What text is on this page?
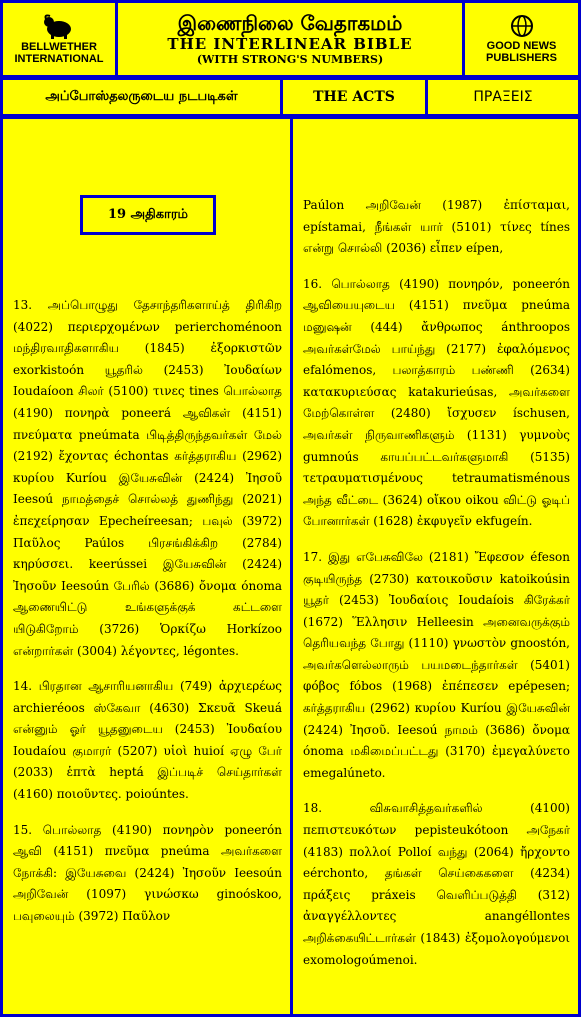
BELLWETHER
INTERNATIONAL
இணைநிலை வேதாகமம்
THE INTERLINEAR BIBLE
(WITH STRONG'S NUMBERS)
GOOD NEWS
PUBLISHERS
அப்போஸ்தலருடைய நடபடிகள்	THE ACTS	ΠΡΑΞΕΙΣ
19 அதிகாரம்

13. அப்பொழுது தேசாந்தரிகளாய்த் திரிகிற (4022) περιερχομένων perierchoménoon மந்திரவாதிகளாகிய (1845) ἐξορκιστῶν exorkistoón யூதரில் (2453) Ἰουδαίων Ioudaíoon சிலர் (5100) τινες tines பொல்லாத (4190) πονηρὰ poneerá ஆவிகள் (4151) πνεύματα pneúmata பிடித்திருந்தவர்கள் மேல் (2192) ἔχοντας échontas கர்த்தராகிய (2962) κυρίου Kuríou இயேசுவின் (2424) Ἰησοῦ Ieesoú நாமத்தைச் சொல்லத் துணிந்து (2021) ἐπεχείρησαν Epecheíreesan; பவுல் (3972) Παῦλος Paúlos பிரசங்கிக்கிற (2784) κηρύσσει. keerússei இயேசுவின் (2424) Ἰησοῦν Ieesoún பேரில் (3686) ὄνομα ónoma ஆணையிட்டு உங்களுக்குக் கட்டளை யிடுகிறோம் (3726) Ὁρκίζω Horkízoo என்றார்கள் (3004) λέγοντες, légontes.

14. பிரதான ஆசாரியனாகிய (749) ἀρχιερέως archieréoos ஸ்கேவா (4630) Σκευᾶ Skeuá என்னும் ஓர் யூதனுடைய (2453) Ἰουδαίου Ioudaíou குமாரர் (5207) υἱοὶ huioí ஏழு பேர் (2033) ἑπτὰ heptá இப்படிச் செய்தார்கள் (4160) ποιοῦντες. poioúntes.

15. பொல்லாத (4190) πονηρὸν poneerón ஆவி (4151) πνεῦμα pneúma அவர்களை நோக்கி: இயேசுவை (2424) Ἰησοῦν Ieesoún அறிவேன் (1097) γινώσκω ginoóskoo, பவுலையும் (3972) Παῦλον

Paúlon அறிவேன் (1987) ἐπίσταμαι, epístamai, நீங்கள் யார் (5101) τίνες tínes என்று சொல்லி (2036) εἶπεν eípen,

16. பொல்லாத (4190) πονηρόν, poneerón ஆவியையுடைய (4151) πνεῦμα pneúma மனுஷன் (444) ἄνθρωπος ánthroopos அவர்கள்மேல் பாய்ந்து (2177) ἐφαλόμενος efalómenos, பலாத்காரம் பண்ணி (2634) κατακυριεύσας katakurieúsas, அவர்களை மேற்கொள்ள (2480) ἴσχυσεν íschusen, அவர்கள் நிருவாணிகளும் (1131) γυμνοὺς gumnoús காயப்பட்டவர்களுமாகி (5135) τετραυματισμένους tetraumatisménous அந்த வீட்டை (3624) οἴκου oikou விட்டு ஓடிப் போனார்கள் (1628) ἐκφυγεῖν ekfugeín.

17. இது எபேசுவிலே (2181) Ἔφεσον éfeson குடியிருந்த (2730) κατοικοῦσιν katoikoúsin யூதர் (2453) Ἰουδαίοις Ioudaíois கிரேக்கர் (1672) Ἕλλησιν Helleesin அனைவருக்கும் தெரியவந்த போது (1110) γνωστὸν gnoostón, அவர்களெல்லாரும் பயமடைந்தார்கள் (5401) φόβος fóbos (1968) ἐπέπεσεν epépesen; கர்த்தராகிய (2962) κυρίου Kuríou இயேசுவின் (2424) Ἰησοῦ. Ieesoú நாமம் (3686) ὄνομα ónoma மகிமைப்பட்டது (3170) ἐμεγαλύνετο emegalúneto.

18. விசுவாசித்தவர்களில் (4100) πεπιστευκότων pepisteukótoon அநேகர் (4183) πολλοί Polloí வந்து (2064) ἤρχοντο eérchonto, தங்கள் செய்கைகளை (4234) πράξεις práxeis வெளிப்படுத்தி (312) ἀναγγέλλοντες anangéllontes அறிக்கையிட்டார்கள் (1843) ἐξομολογούμενοι exomologoúmenoi.
